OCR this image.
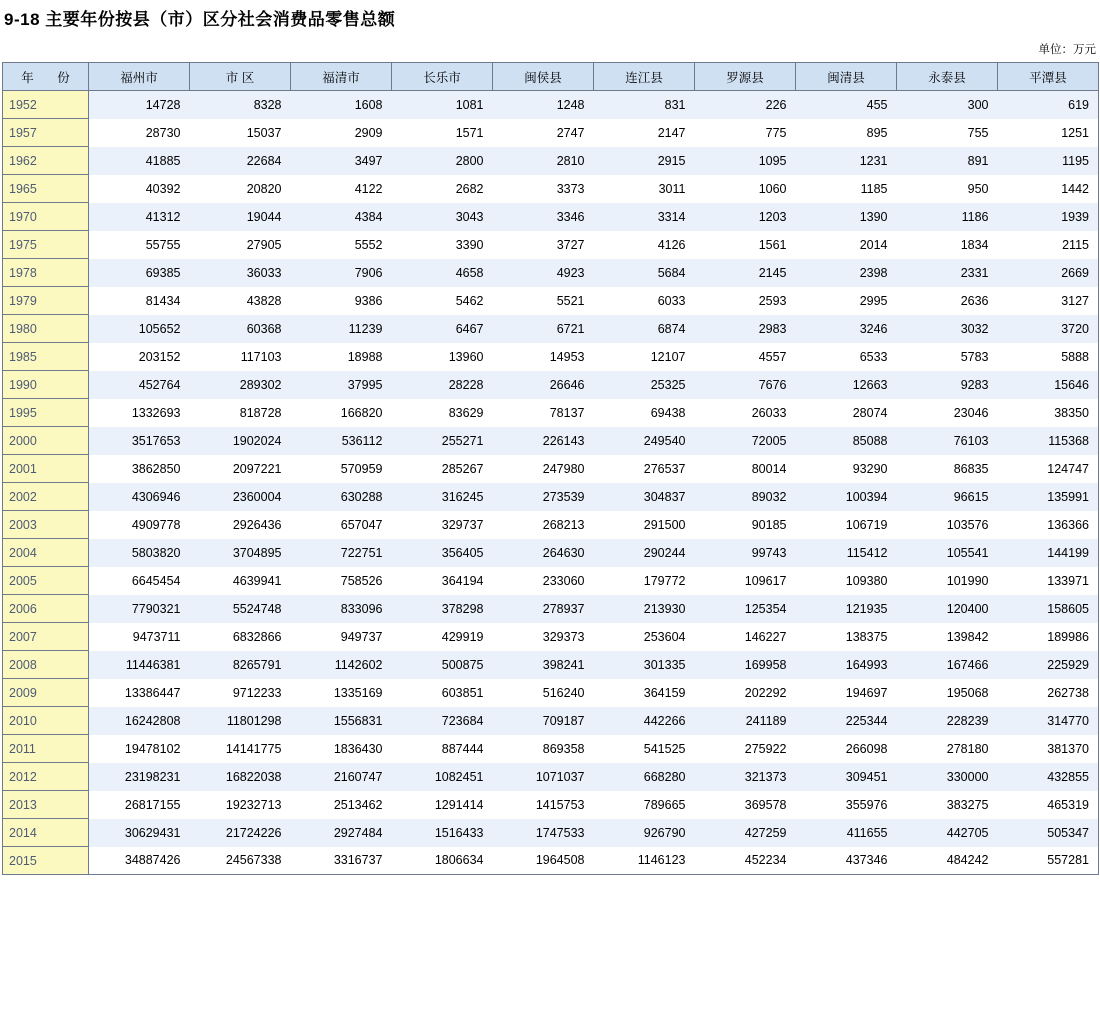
9-18 主要年份按县（市）区分社会消费品零售总额
单位：万元
年 份	福州市	市 区	福清市	长乐市	闽侯县	连江县	罗源县	闽清县	永泰县	平潭县
1952	14728	8328	1608	1081	1248	831	226	455	300	619
1957	28730	15037	2909	1571	2747	2147	775	895	755	1251
1962	41885	22684	3497	2800	2810	2915	1095	1231	891	1195
1965	40392	20820	4122	2682	3373	3011	1060	1185	950	1442
1970	41312	19044	4384	3043	3346	3314	1203	1390	1186	1939
1975	55755	27905	5552	3390	3727	4126	1561	2014	1834	2115
1978	69385	36033	7906	4658	4923	5684	2145	2398	2331	2669
1979	81434	43828	9386	5462	5521	6033	2593	2995	2636	3127
1980	105652	60368	11239	6467	6721	6874	2983	3246	3032	3720
1985	203152	117103	18988	13960	14953	12107	4557	6533	5783	5888
1990	452764	289302	37995	28228	26646	25325	7676	12663	9283	15646
1995	1332693	818728	166820	83629	78137	69438	26033	28074	23046	38350
2000	3517653	1902024	536112	255271	226143	249540	72005	85088	76103	115368
2001	3862850	2097221	570959	285267	247980	276537	80014	93290	86835	124747
2002	4306946	2360004	630288	316245	273539	304837	89032	100394	96615	135991
2003	4909778	2926436	657047	329737	268213	291500	90185	106719	103576	136366
2004	5803820	3704895	722751	356405	264630	290244	99743	115412	105541	144199
2005	6645454	4639941	758526	364194	233060	179772	109617	109380	101990	133971
2006	7790321	5524748	833096	378298	278937	213930	125354	121935	120400	158605
2007	9473711	6832866	949737	429919	329373	253604	146227	138375	139842	189986
2008	11446381	8265791	1142602	500875	398241	301335	169958	164993	167466	225929
2009	13386447	9712233	1335169	603851	516240	364159	202292	194697	195068	262738
2010	16242808	11801298	1556831	723684	709187	442266	241189	225344	228239	314770
2011	19478102	14141775	1836430	887444	869358	541525	275922	266098	278180	381370
2012	23198231	16822038	2160747	1082451	1071037	668280	321373	309451	330000	432855
2013	26817155	19232713	2513462	1291414	1415753	789665	369578	355976	383275	465319
2014	30629431	21724226	2927484	1516433	1747533	926790	427259	411655	442705	505347
2015	34887426	24567338	3316737	1806634	1964508	1146123	452234	437346	484242	557281
